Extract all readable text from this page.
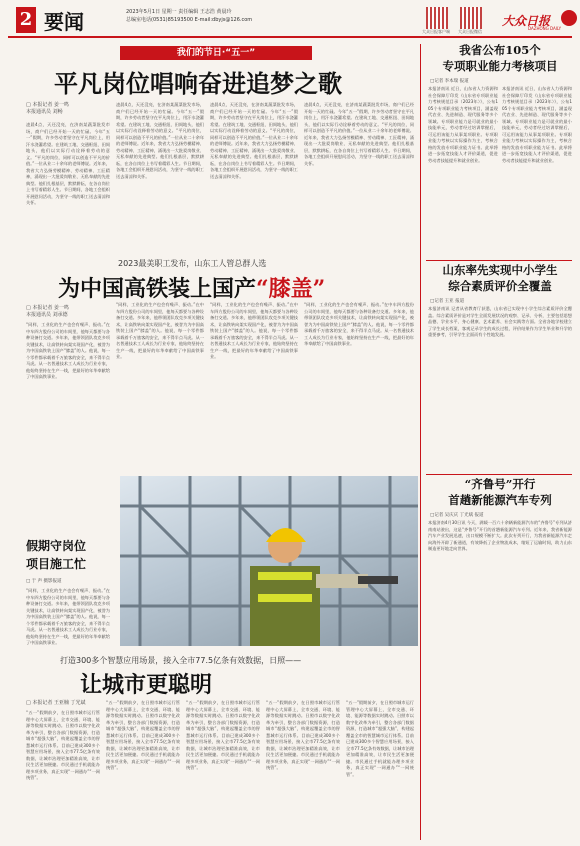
2 要闻	2023年5月1日 星期一 责任编辑 王志浩 黄晨玲
总编室电话(0531)85193500 E-mail:dbyjs@126.com
大众日报客户端 大众日报微信
大众日报
DAZHONG DAILY
我们的节日·“五一”
平凡岗位唱响奋进追梦之歌
□ 本报记者 姜一鸣
本报通讯员 刘畅
凌晨4点，天还没亮，在济南某蔬菜批发市场，商户们已经开始一天的忙碌。今年“五一”假期，许多劳动者坚守在平凡岗位上，用汗水浇灌希望。在建筑工地、交通枢纽、田间地头，他们以实际行动诠释着劳动的意义。“平凡的岗位，同样可以创造不平凡的价值。”一位从业二十余年的老师傅说。近年来，我省大力弘扬劳模精神、劳动精神、工匠精神，涌现出一大批爱岗敬业、无私奉献的先进典型。他们扎根基层，默默耕耘，在各自岗位上书写着精彩人生。节日期间，各地工会组织开展慰问活动，为坚守一线的职工送去清凉和关怀。
凌晨4点，天还没亮，在济南某蔬菜批发市场，商户们已经开始一天的忙碌。今年“五一”假期，许多劳动者坚守在平凡岗位上，用汗水浇灌希望。在建筑工地、交通枢纽、田间地头，他们以实际行动诠释着劳动的意义。“平凡的岗位，同样可以创造不平凡的价值。”一位从业二十余年的老师傅说。近年来，我省大力弘扬劳模精神、劳动精神、工匠精神，涌现出一大批爱岗敬业、无私奉献的先进典型。他们扎根基层，默默耕耘，在各自岗位上书写着精彩人生。节日期间，各地工会组织开展慰问活动，为坚守一线的职工送去清凉和关怀。
凌晨4点，天还没亮，在济南某蔬菜批发市场，商户们已经开始一天的忙碌。今年“五一”假期，许多劳动者坚守在平凡岗位上，用汗水浇灌希望。在建筑工地、交通枢纽、田间地头，他们以实际行动诠释着劳动的意义。“平凡的岗位，同样可以创造不平凡的价值。”一位从业二十余年的老师傅说。近年来，我省大力弘扬劳模精神、劳动精神、工匠精神，涌现出一大批爱岗敬业、无私奉献的先进典型。他们扎根基层，默默耕耘，在各自岗位上书写着精彩人生。节日期间，各地工会组织开展慰问活动，为坚守一线的职工送去清凉和关怀。
凌晨4点，天还没亮，在济南某蔬菜批发市场，商户们已经开始一天的忙碌。今年“五一”假期，许多劳动者坚守在平凡岗位上，用汗水浇灌希望。在建筑工地、交通枢纽、田间地头，他们以实际行动诠释着劳动的意义。“平凡的岗位，同样可以创造不平凡的价值。”一位从业二十余年的老师傅说。近年来，我省大力弘扬劳模精神、劳动精神、工匠精神，涌现出一大批爱岗敬业、无私奉献的先进典型。他们扎根基层，默默耕耘，在各自岗位上书写着精彩人生。节日期间，各地工会组织开展慰问活动，为坚守一线的职工送去清凉和关怀。
2023最美职工发布，山东工人管总群人选
为中国高铁装上国产“膝盖”
□ 本报记者 姜一鸣
本报通讯员 刘承德
“同样，工业化的生产也会有噪声、振动。”在中车四方股份公司的车间里，他每天都要与各种设备打交道。多年来，他带领团队攻克多项关键技术，让高铁转向架实现国产化，被誉为为中国高铁装上国产“膝盖”的人。他说，每一个零件都承载着千万旅客的安全，来不得半点马虎。从一名普通技术工人成长为行业专家，他始终坚持在生产一线，把最好的年华奉献给了中国高铁事业。
“同样，工业化的生产也会有噪声、振动。”在中车四方股份公司的车间里，他每天都要与各种设备打交道。多年来，他带领团队攻克多项关键技术，让高铁转向架实现国产化，被誉为为中国高铁装上国产“膝盖”的人。他说，每一个零件都承载着千万旅客的安全，来不得半点马虎。从一名普通技术工人成长为行业专家，他始终坚持在生产一线，把最好的年华奉献给了中国高铁事业。
“同样，工业化的生产也会有噪声、振动。”在中车四方股份公司的车间里，他每天都要与各种设备打交道。多年来，他带领团队攻克多项关键技术，让高铁转向架实现国产化，被誉为为中国高铁装上国产“膝盖”的人。他说，每一个零件都承载着千万旅客的安全，来不得半点马虎。从一名普通技术工人成长为行业专家，他始终坚持在生产一线，把最好的年华奉献给了中国高铁事业。
“同样，工业化的生产也会有噪声、振动。”在中车四方股份公司的车间里，他每天都要与各种设备打交道。多年来，他带领团队攻克多项关键技术，让高铁转向架实现国产化，被誉为为中国高铁装上国产“膝盖”的人。他说，每一个零件都承载着千万旅客的安全，来不得半点马虎。从一名普通技术工人成长为行业专家，他始终坚持在生产一线，把最好的年华奉献给了中国高铁事业。
假期守岗位
项目施工忙
□ 于 声 摄影报道
“同样，工业化的生产也会有噪声、振动。”在中车四方股份公司的车间里，他每天都要与各种设备打交道。多年来，他带领团队攻克多项关键技术，让高铁转向架实现国产化，被誉为为中国高铁装上国产“膝盖”的人。他说，每一个零件都承载着千万旅客的安全，来不得半点马虎。从一名普通技术工人成长为行业专家，他始终坚持在生产一线，把最好的年华奉献给了中国高铁事业。
打造300多个智慧应用场景，接入全市77.5亿条有效数据，日照——
让城市更聪明
□ 本报记者 王亚楠 丁光斌
“五一”假期前夕，在日照市城市运行管理中心大屏幕上，全市交通、环境、能源等数据实时跳动。日照市以数字化改革为牵引，整合各部门数据资源，打造城市“超强大脑”，构建起覆盖全市的智慧城市运行体系。目前已建成300多个智慧应用场景，接入全市77.5亿条有效数据，让城市治理更加精准高效，让市民生活更加便捷。市民通过手机就能办理多项业务，真正实现“一网通办”“一网统管”。
“五一”假期前夕，在日照市城市运行管理中心大屏幕上，全市交通、环境、能源等数据实时跳动。日照市以数字化改革为牵引，整合各部门数据资源，打造城市“超强大脑”，构建起覆盖全市的智慧城市运行体系。目前已建成300多个智慧应用场景，接入全市77.5亿条有效数据，让城市治理更加精准高效，让市民生活更加便捷。市民通过手机就能办理多项业务，真正实现“一网通办”“一网统管”。
“五一”假期前夕，在日照市城市运行管理中心大屏幕上，全市交通、环境、能源等数据实时跳动。日照市以数字化改革为牵引，整合各部门数据资源，打造城市“超强大脑”，构建起覆盖全市的智慧城市运行体系。目前已建成300多个智慧应用场景，接入全市77.5亿条有效数据，让城市治理更加精准高效，让市民生活更加便捷。市民通过手机就能办理多项业务，真正实现“一网通办”“一网统管”。
“五一”假期前夕，在日照市城市运行管理中心大屏幕上，全市交通、环境、能源等数据实时跳动。日照市以数字化改革为牵引，整合各部门数据资源，打造城市“超强大脑”，构建起覆盖全市的智慧城市运行体系。目前已建成300多个智慧应用场景，接入全市77.5亿条有效数据，让城市治理更加精准高效，让市民生活更加便捷。市民通过手机就能办理多项业务，真正实现“一网通办”“一网统管”。
“五一”假期前夕，在日照市城市运行管理中心大屏幕上，全市交通、环境、能源等数据实时跳动。日照市以数字化改革为牵引，整合各部门数据资源，打造城市“超强大脑”，构建起覆盖全市的智慧城市运行体系。目前已建成300多个智慧应用场景，接入全市77.5亿条有效数据，让城市治理更加精准高效，让市民生活更加便捷。市民通过手机就能办理多项业务，真正实现“一网通办”“一网统管”。
我省公布105个
专项职业能力考核项目
□记者 李本瑞 报道
本报济南讯 近日，山东省人力资源和社会保障厅印发《山东省专项职业能力考核规范目录（2023年）》，公布105个专项职业能力考核项目，涵盖现代农业、先进制造、现代服务等多个领域。专项职业能力是可就业的最小技能单元，劳动者经过培训掌握后，可运用该能力从事某项职业。专项职业能力考核以实际操作为主，考核合格的发放专项职业能力证书。此举将进一步拓宽技能人才评价渠道，促进劳动者技能提升和就业创业。
本报济南讯 近日，山东省人力资源和社会保障厅印发《山东省专项职业能力考核规范目录（2023年）》，公布105个专项职业能力考核项目，涵盖现代农业、先进制造、现代服务等多个领域。专项职业能力是可就业的最小技能单元，劳动者经过培训掌握后，可运用该能力从事某项职业。专项职业能力考核以实际操作为主，考核合格的发放专项职业能力证书。此举将进一步拓宽技能人才评价渠道，促进劳动者技能提升和就业创业。
山东率先实现中小学生
综合素质评价全覆盖
□记者 王亚 报道
本报济南讯 记者从省教育厅获悉，山东省已实现中小学生综合素质评价全覆盖。综合素质评价是对学生全面发展状况的观察、记录、分析，主要包括思想品德、学业水平、身心健康、艺术素养、社会实践等方面。全省各地学校建立了学生成长档案，客观记录学生的成长过程，评价结果作为学生毕业和升学的重要参考，引导学生全面而有个性地发展。
“齐鲁号”开行
首趟新能源汽车专列
□记者 吴庆庆 丁光斌 报道
本报济南4月30日讯 今天，满载一百六十余辆新能源汽车的“齐鲁号”专列从济南南站驶出，这是“齐鲁号”开行的首趟新能源汽车专列。近年来，我省新能源汽车产业发展迅速，出口规模不断扩大。此次专列开行，为我省新能源汽车走向海外开辟了新通道，有效降低了企业物流成本，缩短了运输时间，助力山东制造更好地走向世界。
